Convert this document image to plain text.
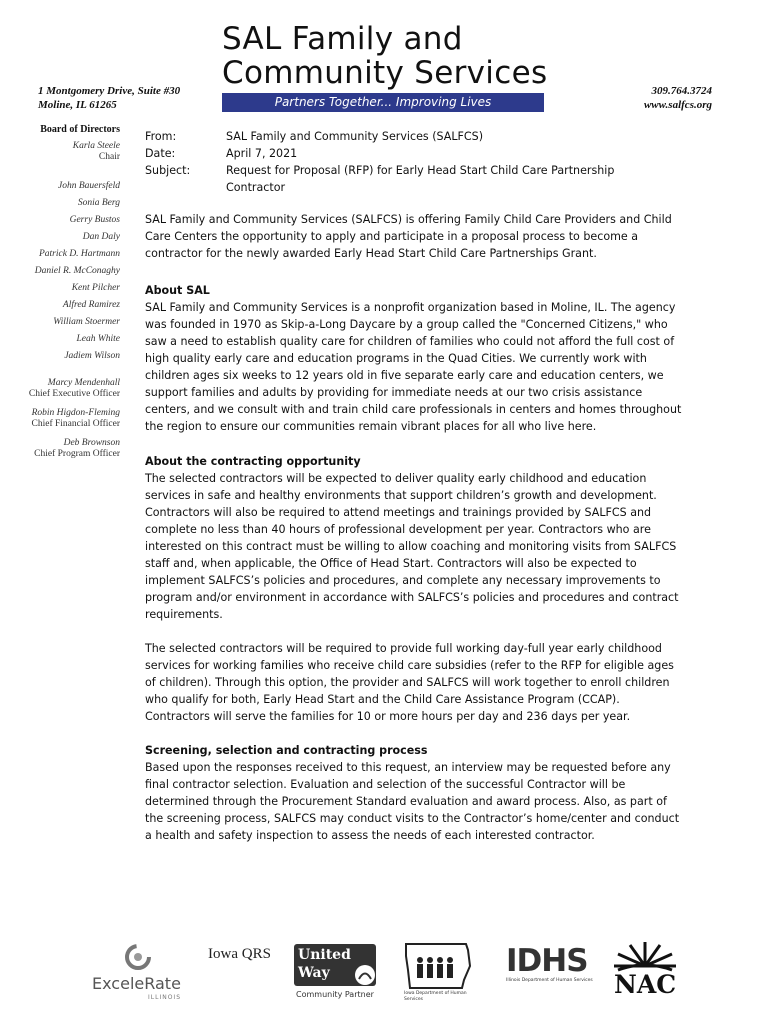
SAL Family and
Community Services
Partners Together... Improving Lives
1 Montgomery Drive, Suite #30
Moline, IL 61265
309.764.3724
www.salfcs.org
Board of Directors
Karla Steele
Chair
John Bauersfeld
Sonia Berg
Gerry Bustos
Dan Daly
Patrick D. Hartmann
Daniel R. McConaghy
Kent Pilcher
Alfred Ramirez
William Stoermer
Leah White
Jadiem Wilson
Marcy Mendenhall
Chief Executive Officer
Robin Higdon-Fleming
Chief Financial Officer
Deb Brownson
Chief Program Officer
From:	SAL Family and Community Services (SALFCS)
Date:	April 7, 2021
Subject:	Request for Proposal (RFP) for Early Head Start Child Care Partnership Contractor

SAL Family and Community Services (SALFCS) is offering Family Child Care Providers and Child Care Centers the opportunity to apply and participate in a proposal process to become a contractor for the newly awarded Early Head Start Child Care Partnerships Grant.

About SAL

SAL Family and Community Services is a nonprofit organization based in Moline, IL. The agency was founded in 1970 as Skip-a-Long Daycare by a group called the "Concerned Citizens," who saw a need to establish quality care for children of families who could not afford the full cost of high quality early care and education programs in the Quad Cities. We currently work with children ages six weeks to 12 years old in five separate early care and education centers, we support families and adults by providing for immediate needs at our two crisis assistance centers, and we consult with and train child care professionals in centers and homes throughout the region to ensure our communities remain vibrant places for all who live here.

About the contracting opportunity

The selected contractors will be expected to deliver quality early childhood and education services in safe and healthy environments that support children’s growth and development. Contractors will also be required to attend meetings and trainings provided by SALFCS and complete no less than 40 hours of professional development per year. Contractors who are interested on this contract must be willing to allow coaching and monitoring visits from SALFCS staff and, when applicable, the Office of Head Start. Contractors will also be expected to implement SALFCS’s policies and procedures, and complete any necessary improvements to program and/or environment in accordance with SALFCS’s policies and procedures and contract requirements.

The selected contractors will be required to provide full working day-full year early childhood services for working families who receive child care subsidies (refer to the RFP for eligible ages of children). Through this option, the provider and SALFCS will work together to enroll children who qualify for both, Early Head Start and the Child Care Assistance Program (CCAP). Contractors will serve the families for 10 or more hours per day and 236 days per year.

Screening, selection and contracting process

Based upon the responses received to this request, an interview may be requested before any final contractor selection. Evaluation and selection of the successful Contractor will be determined through the Procurement Standard evaluation and award process. Also, as part of the screening process, SALFCS may conduct visits to the Contractor’s home/center and conduct a health and safety inspection to assess the needs of each interested contractor.

ExceleRate
ILLINOIS
Iowa QRS	United
Way
Community Partner	Iowa Department of Human Services
IDHS
Illinois Department of Human Services NAC
